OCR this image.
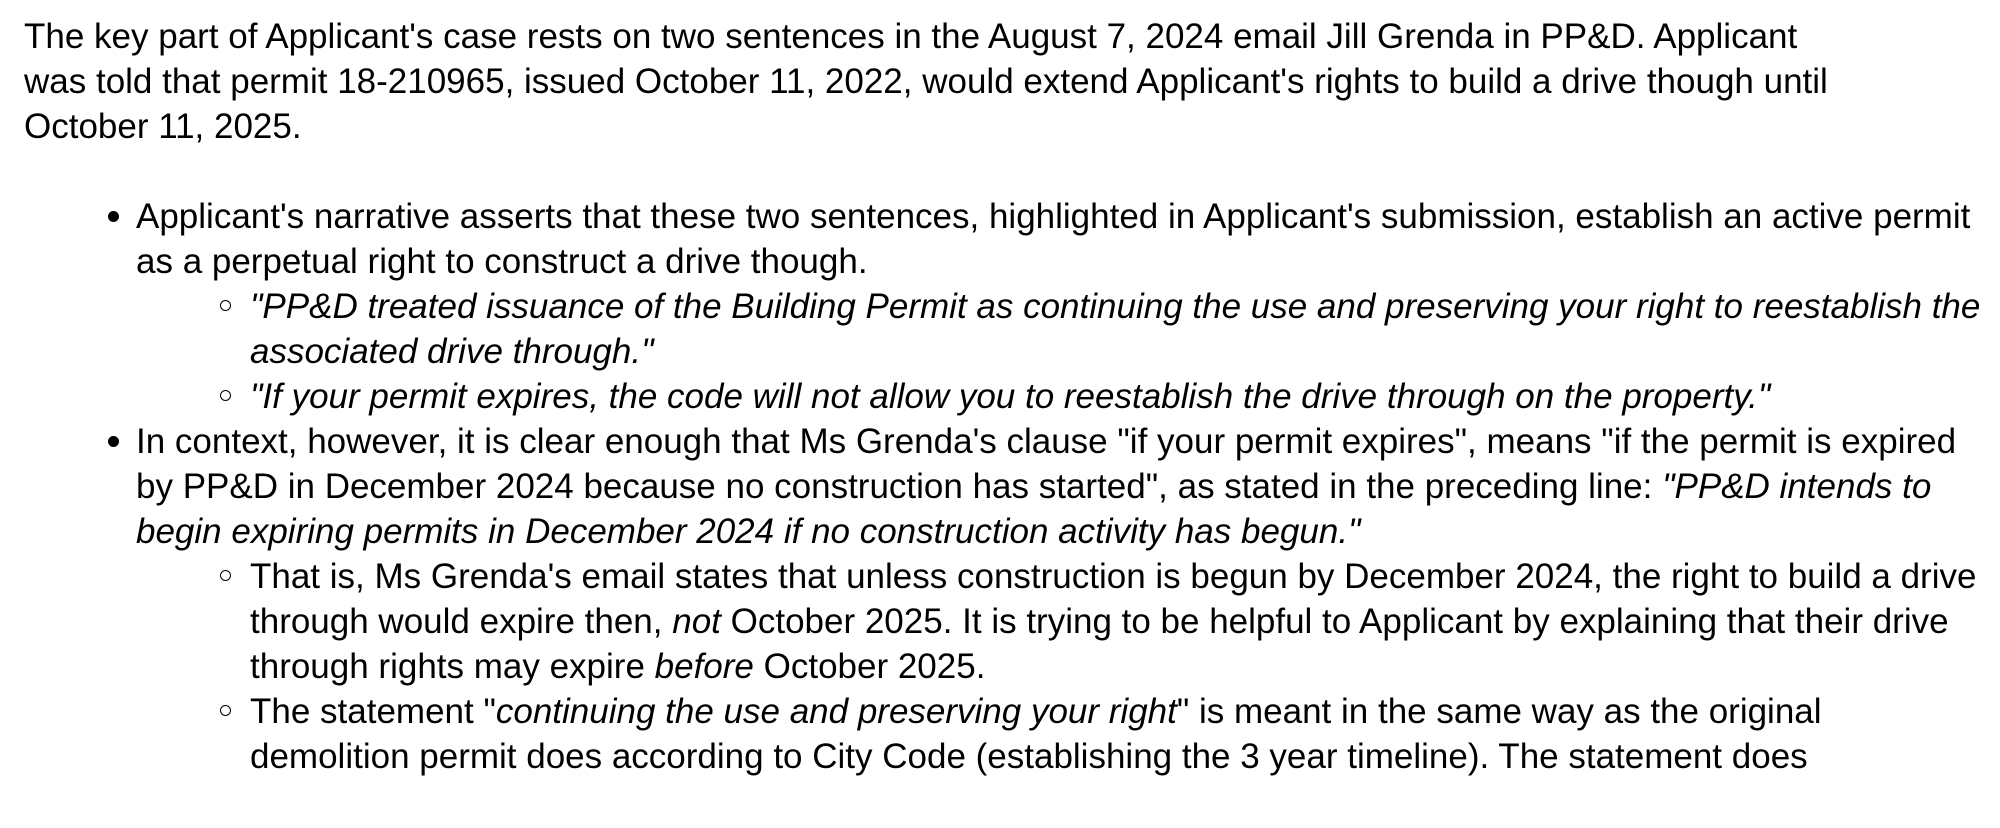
The key part of Applicant's case rests on two sentences in the August 7, 2024 email Jill Grenda in PP&D. Applicant
was told that permit 18-210965, issued October 11, 2022, would extend Applicant's rights to build a drive though until
October 11, 2025.

Applicant's narrative asserts that these two sentences, highlighted in Applicant's submission, establish an active permit as a perpetual right to construct a drive though.
"PP&D treated issuance of the Building Permit as continuing the use and preserving your right to reestablish the associated drive through."
"If your permit expires, the code will not allow you to reestablish the drive through on the property."
In context, however, it is clear enough that Ms Grenda's clause "if your permit expires", means "if the permit is expired by PP&D in December 2024 because no construction has started", as stated in the preceding line: "PP&D intends to begin expiring permits in December 2024 if no construction activity has begun."
That is, Ms Grenda's email states that unless construction is begun by December 2024, the right to build a drive through would expire then, not October 2025. It is trying to be helpful to Applicant by explaining that their drive through rights may expire before October 2025.
The statement "continuing the use and preserving your right" is meant in the same way as the original demolition permit does according to City Code (establishing the 3 year timeline). The statement does
